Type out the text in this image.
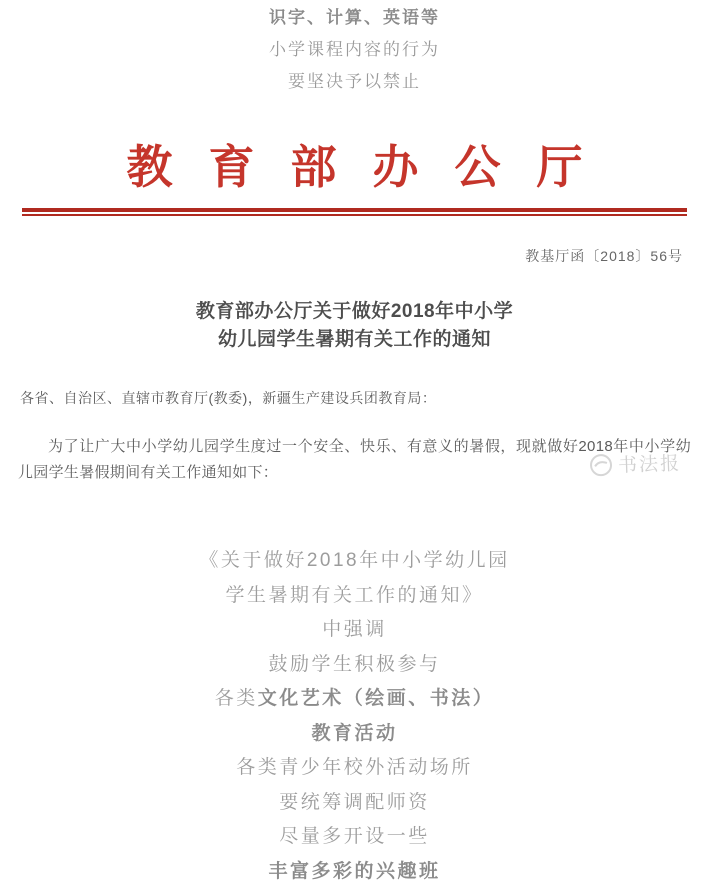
识字、计算、英语等
小学课程内容的行为
要坚决予以禁止
教育部办公厅
教基厅函〔2018〕56号
教育部办公厅关于做好2018年中小学
幼儿园学生暑期有关工作的通知

各省、自治区、直辖市教育厅(教委)，新疆生产建设兵团教育局：

为了让广大中小学幼儿园学生度过一个安全、快乐、有意义的暑假，现就做好2018年中小学幼儿园学生暑假期间有关工作通知如下：	书法报
《关于做好2018年中小学幼儿园
学生暑期有关工作的通知》
中强调
鼓励学生积极参与
各类文化艺术（绘画、书法）
教育活动
各类青少年校外活动场所
要统筹调配师资
尽量多开设一些
丰富多彩的兴趣班
